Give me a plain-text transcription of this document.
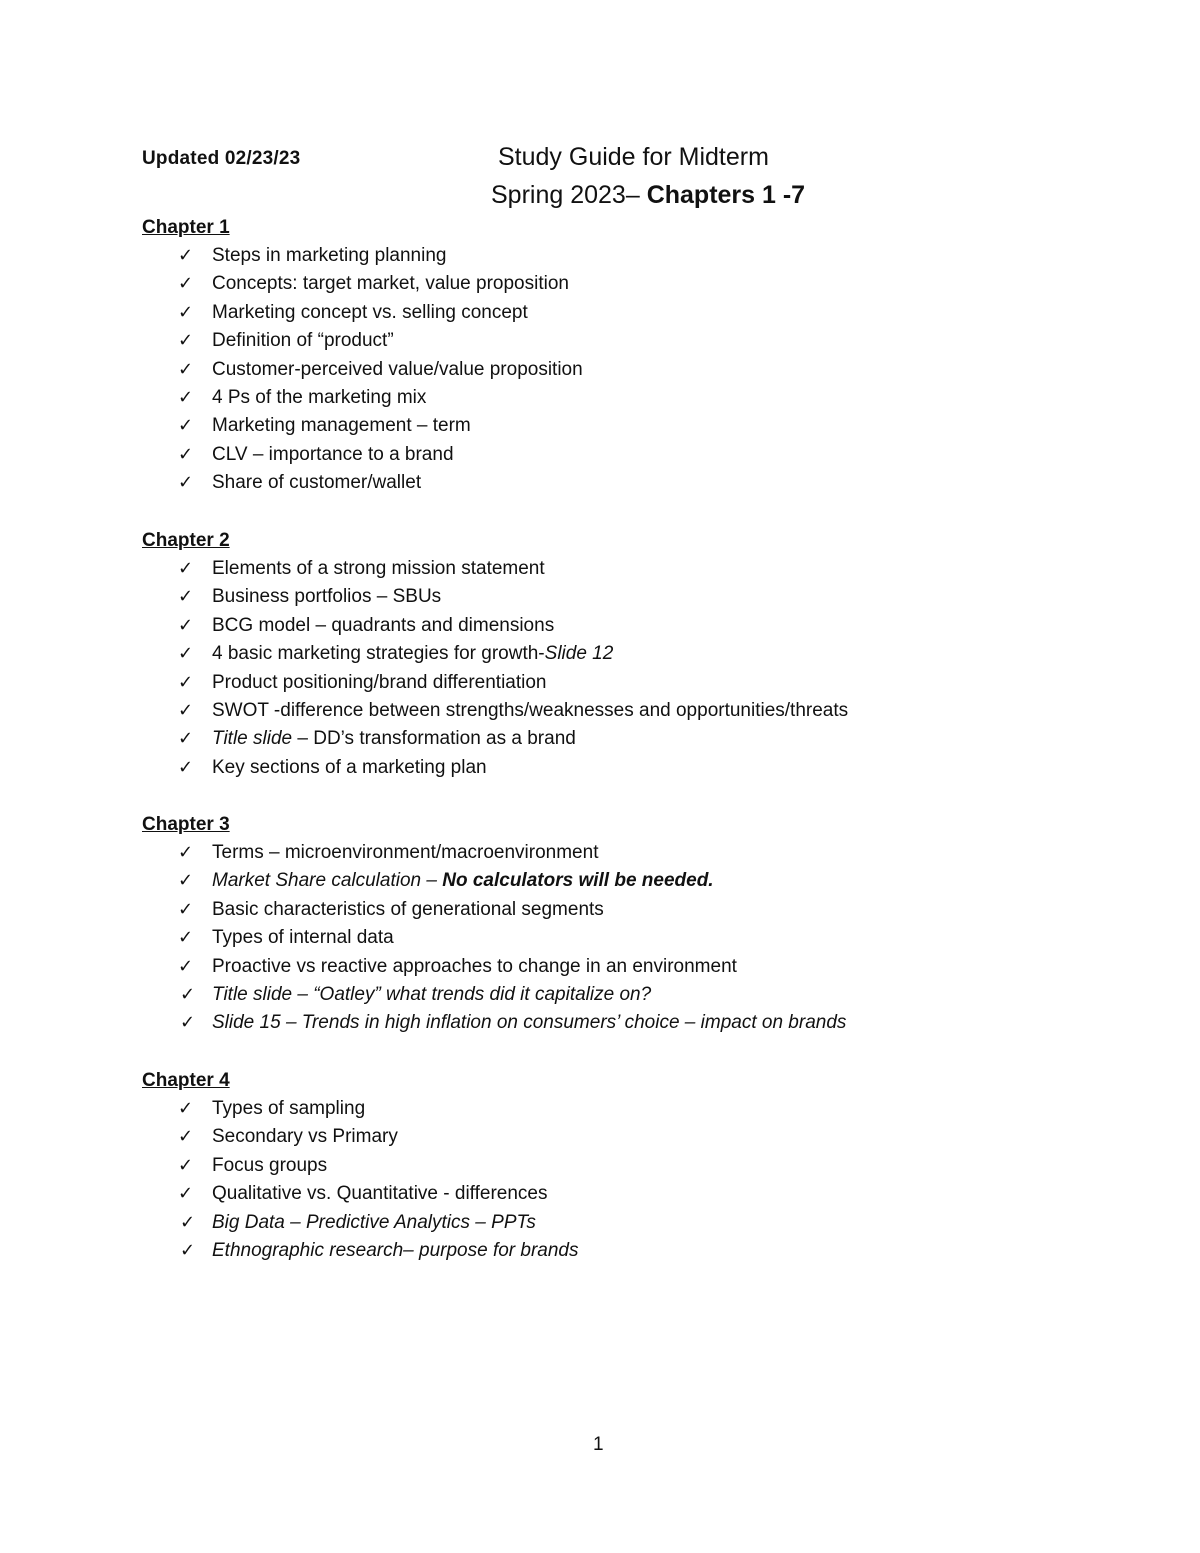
Updated 02/23/23	Study Guide for Midterm
Spring 2023– Chapters 1 -7
Chapter 1
✓ Steps in marketing planning
✓ Concepts: target market, value proposition
✓ Marketing concept vs. selling concept
✓ Definition of “product”
✓ Customer-perceived value/value proposition
✓ 4 Ps of the marketing mix
✓ Marketing management – term
✓ CLV – importance to a brand
✓ Share of customer/wallet
Chapter 2
✓ Elements of a strong mission statement
✓ Business portfolios – SBUs
✓ BCG model – quadrants and dimensions
✓ 4 basic marketing strategies for growth-Slide 12
✓ Product positioning/brand differentiation
✓ SWOT -difference between strengths/weaknesses and opportunities/threats
✓ Title slide – DD’s transformation as a brand
✓ Key sections of a marketing plan
Chapter 3
✓ Terms – microenvironment/macroenvironment
✓ Market Share calculation – No calculators will be needed.
✓ Basic characteristics of generational segments
✓ Types of internal data
✓ Proactive vs reactive approaches to change in an environment
✓ Title slide – “Oatley” what trends did it capitalize on?
✓ Slide 15 – Trends in high inflation on consumers’ choice – impact on brands
Chapter 4
✓ Types of sampling
✓ Secondary vs Primary
✓ Focus groups
✓ Qualitative vs. Quantitative - differences
✓ Big Data – Predictive Analytics – PPTs
✓ Ethnographic research– purpose for brands
1
